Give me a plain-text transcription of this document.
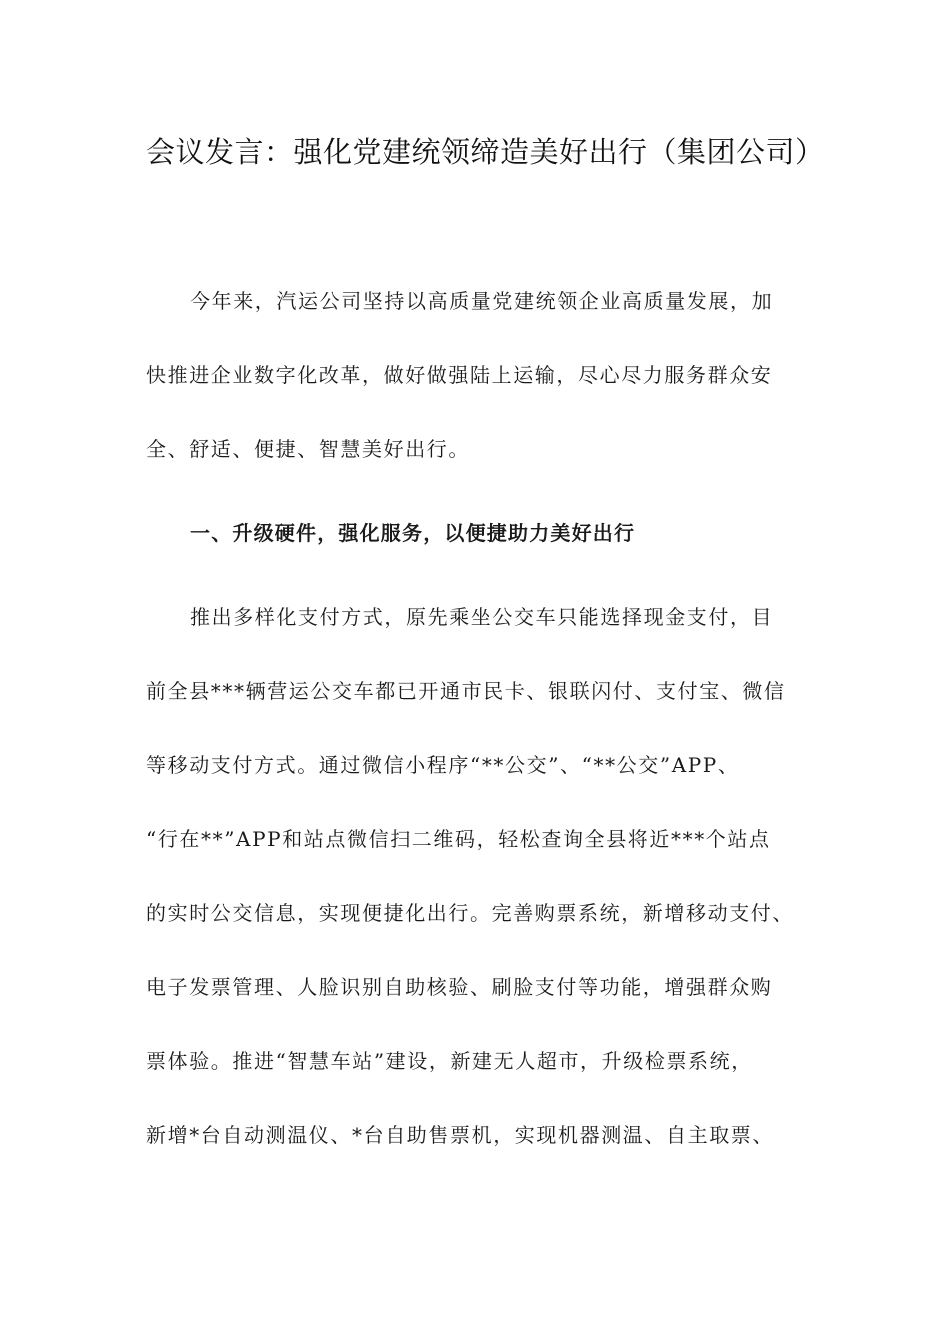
会议发言：强化党建统领缔造美好出行（集团公司）
今年来，汽运公司坚持以高质量党建统领企业高质量发展，加
快推进企业数字化改革，做好做强陆上运输，尽心尽力服务群众安
全、舒适、便捷、智慧美好出行。
一、升级硬件，强化服务，以便捷助力美好出行
推出多样化支付方式，原先乘坐公交车只能选择现金支付，目
前全县***辆营运公交车都已开通市民卡、银联闪付、支付宝、微信
等移动支付方式。通过微信小程序“**公交”、“**公交”APP、
“行在**”APP和站点微信扫二维码，轻松查询全县将近***个站点
的实时公交信息，实现便捷化出行。完善购票系统，新增移动支付、
电子发票管理、人脸识别自助核验、刷脸支付等功能，增强群众购
票体验。推进“智慧车站”建设，新建无人超市，升级检票系统，
新增*台自动测温仪、*台自助售票机，实现机器测温、自主取票、
